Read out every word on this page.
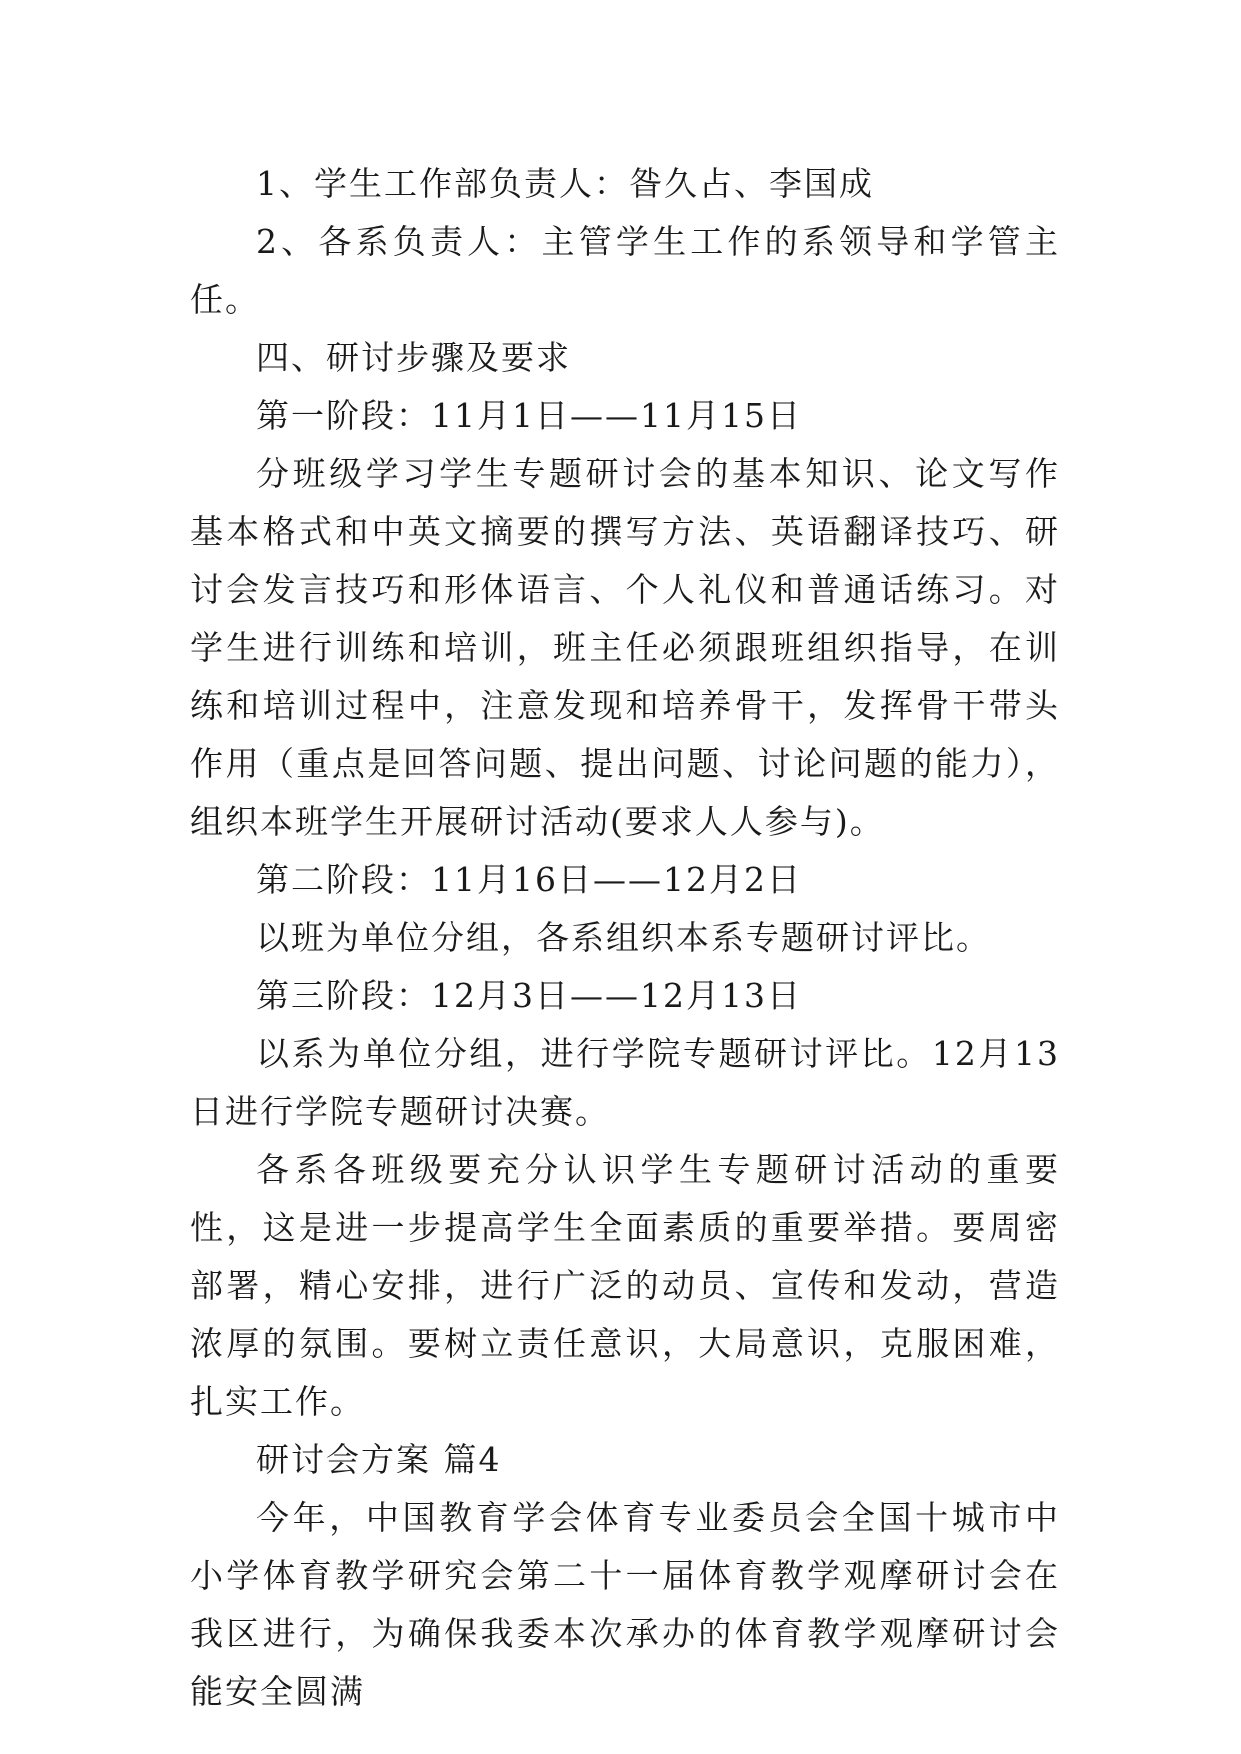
1、学生工作部负责人：昝久占、李国成

2、各系负责人：主管学生工作的系领导和学管主任。

四、研讨步骤及要求

第一阶段：11月1日——11月15日

分班级学习学生专题研讨会的基本知识、论文写作基本格式和中英文摘要的撰写方法、英语翻译技巧、研讨会发言技巧和形体语言、个人礼仪和普通话练习。对学生进行训练和培训，班主任必须跟班组织指导，在训练和培训过程中，注意发现和培养骨干，发挥骨干带头作用（重点是回答问题、提出问题、讨论问题的能力），组织本班学生开展研讨活动(要求人人参与)。

第二阶段：11月16日——12月2日

以班为单位分组，各系组织本系专题研讨评比。

第三阶段：12月3日——12月13日

以系为单位分组，进行学院专题研讨评比。12月13日进行学院专题研讨决赛。

各系各班级要充分认识学生专题研讨活动的重要性，这是进一步提高学生全面素质的重要举措。要周密部署，精心安排，进行广泛的动员、宣传和发动，营造浓厚的氛围。要树立责任意识，大局意识，克服困难，扎实工作。

研讨会方案 篇4

今年，中国教育学会体育专业委员会全国十城市中小学体育教学研究会第二十一届体育教学观摩研讨会在我区进行，为确保我委本次承办的体育教学观摩研讨会能安全圆满
